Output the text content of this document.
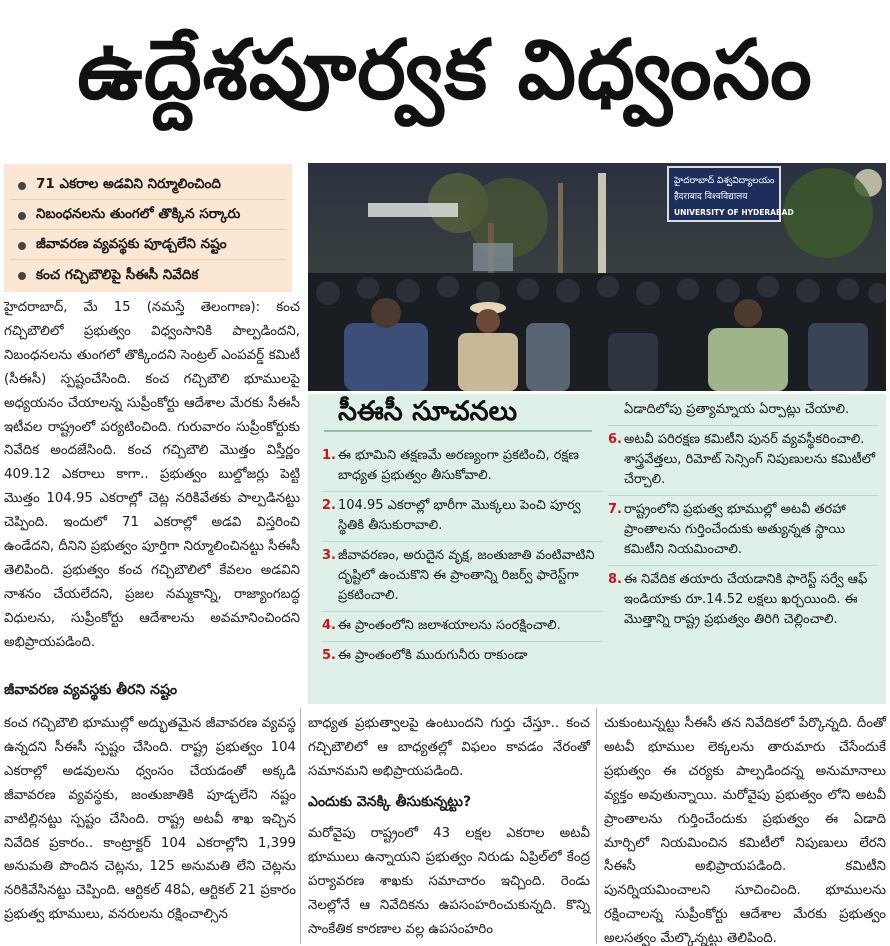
ఉద్దేశపూర్వక విధ్వంసం
71 ఎకరాల అడవిని నిర్మూలించింది
నిబంధనలను తుంగలో తొక్కిన సర్కారు
జీవావరణ వ్యవస్థకు పూడ్చలేని నష్టం
కంచ గచ్చిబౌలిపై సీఈసీ నివేదిక
హైదరాబాద్ విశ్వవిద్యాలయం
हैदराबाद विश्वविद्यालय
UNIVERSITY OF HYDERABAD
హైదరాబాద్, మే 15 (నమస్తే తెలంగాణ): కంచ గచ్చిబౌలిలో ప్రభుత్వం విధ్వంసానికి పాల్పడిందని, నిబంధనలను తుంగలో తొక్కిందని సెంట్రల్ ఎంపవర్డ్ కమిటీ (సీఈసీ) స్పష్టంచేసింది. కంచ గచ్చిబౌలి భూములపై అధ్యయనం చేయాలన్న సుప్రీంకోర్టు ఆదేశాల మేరకు సీఈసీ ఇటీవల రాష్ట్రంలో పర్యటించింది. గురువారం సుప్రీంకోర్టుకు నివేదిక అందజేసింది. కంచ గచ్చిబౌలి మొత్తం విస్తీర్ణం 409.12 ఎకరాలు కాగా.. ప్రభుత్వం బుల్డోజర్లు పెట్టి మొత్తం 104.95 ఎకరాల్లో చెట్ల నరికివేతకు పాల్పడినట్టు చెప్పింది. ఇందులో 71 ఎకరాల్లో అడవి విస్తరించి ఉండేదని, దీనిని ప్రభుత్వం పూర్తిగా నిర్మూలించినట్టు సీఈసీ తెలిపింది. ప్రభుత్వం కంచ గచ్చిబౌలిలో కేవలం అడవిని నాశనం చేయలేదని, ప్రజల నమ్మకాన్ని, రాజ్యాంగబద్ధ విధులను, సుప్రీంకోర్టు ఆదేశాలను అవమానించిందని అభిప్రాయపడింది.
జీవావరణ వ్యవస్థకు తీరని నష్టం
సీఈసీ సూచనలు
1. ఈ భూమిని తక్షణమే అరణ్యంగా ప్రకటించి, రక్షణ బాధ్యత ప్రభుత్వం తీసుకోవాలి.
2. 104.95 ఎకరాల్లో భారీగా మొక్కలు పెంచి పూర్వ స్థితికి తీసుకురావాలి.
3. జీవావరణం, అరుదైన వృక్ష, జంతుజాతి వంటివాటిని దృష్టిలో ఉంచుకొని ఈ ప్రాంతాన్ని రిజర్వ్ ఫారెస్ట్‌గా ప్రకటించాలి.
4. ఈ ప్రాంతంలోని జలాశయాలను సంరక్షించాలి.
5. ఈ ప్రాంతంలోకి మురుగునీరు రాకుండా
ఏడాదిలోపు ప్రత్యామ్నాయ ఏర్పాట్లు చేయాలి.
6. అటవీ పరిరక్షణ కమిటీని పునర్ వ్యవస్థీకరించాలి. శాస్త్రవేత్తలు, రిమోట్ సెన్సింగ్ నిపుణులను కమిటీలో చేర్చాలి.
7. రాష్ట్రంలోని ప్రభుత్వ భూముల్లో అటవీ తరహా ప్రాంతాలను గుర్తించేందుకు అత్యున్నత స్థాయి కమిటీని నియమించాలి.
8. ఈ నివేదిక తయారు చేయడానికి ఫారెస్ట్ సర్వే ఆఫ్ ఇండియాకు రూ.14.52 లక్షలు ఖర్చయింది. ఈ మొత్తాన్ని రాష్ట్ర ప్రభుత్వం తిరిగి చెల్లించాలి.
కంచ గచ్చిబౌలి భూముల్లో అద్భుతమైన జీవావరణ వ్యవస్థ ఉన్నదని సీఈసీ స్పష్టం చేసింది. రాష్ట్ర ప్రభుత్వం 104 ఎకరాల్లో అడవులను ధ్వంసం చేయడంతో అక్కడి జీవావరణ వ్యవస్థకు, జంతుజాతికి పూడ్చలేని నష్టం వాటిల్లినట్టు స్పష్టం చేసింది. రాష్ట్ర అటవీ శాఖ ఇచ్చిన నివేదిక ప్రకారం.. కాంట్రాక్టర్ 104 ఎకరాల్లోని 1,399 అనుమతి పొందిన చెట్లను, 125 అనుమతి లేని చెట్లను నరికివేసినట్టు చెప్పింది. ఆర్టికల్ 48ఏ, ఆర్టికల్ 21 ప్రకారం ప్రభుత్వ భూములు, వనరులను రక్షించాల్సిన
బాధ్యత ప్రభుత్వాలపై ఉంటుందని గుర్తు చేస్తూ.. కంచ గచ్చిబౌలిలో ఆ బాధ్యతల్లో విఫలం కావడం నేరంతో సమానమని అభిప్రాయపడింది.
ఎందుకు వెనక్కి తీసుకున్నట్టు?
మరోవైపు రాష్ట్రంలో 43 లక్షల ఎకరాల అటవీ భూములు ఉన్నాయని ప్రభుత్వం నిరుడు ఏప్రిల్‌లో కేంద్ర పర్యావరణ శాఖకు సమాచారం ఇచ్చింది. రెండు నెలల్లోనే ఆ నివేదికను ఉపసంహరించుకున్నది. కొన్ని సాంకేతిక కారణాల వల్ల ఉపసంహరిం
చుకుంటున్నట్టు సీఈసీ తన నివేదికలో పేర్కొన్నది. దీంతో అటవీ భూముల లెక్కలను తారుమారు చేసేందుకే ప్రభుత్వం ఈ చర్యకు పాల్పడిందన్న అనుమానాలు వ్యక్తం అవుతున్నాయి. మరోవైపు ప్రభుత్వం లోని అటవీ ప్రాంతాలను గుర్తించేందుకు ప్రభుత్వం ఈ ఏడాది మార్చిలో నియమించిన కమిటీలో నిపుణులు లేరని సీఈసీ అభిప్రాయపడింది. కమిటీని పునర్నియమించాలని సూచించింది. భూములను రక్షించాలన్న సుప్రీంకోర్టు ఆదేశాల మేరకు ప్రభుత్వం అలసత్వం మేల్కొన్నట్టు తెలిపింది.
